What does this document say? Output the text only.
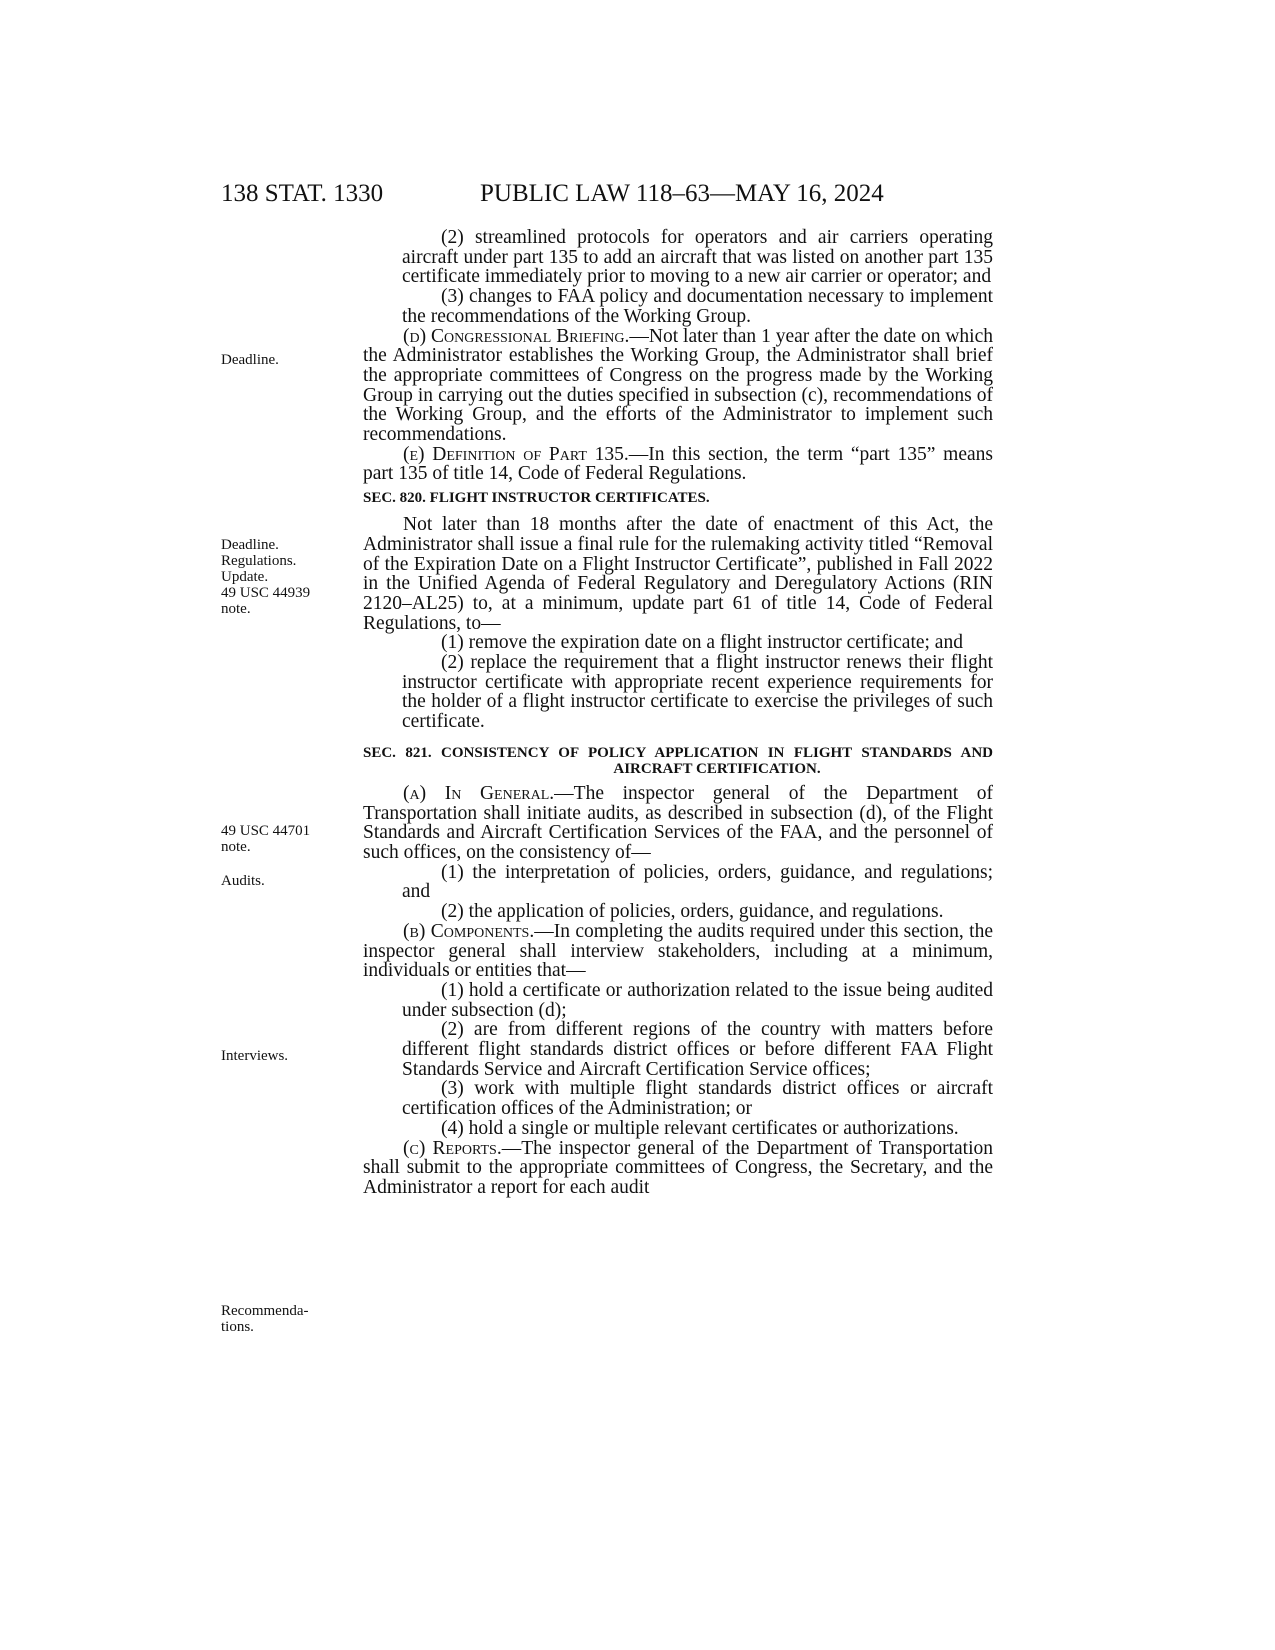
138 STAT. 1330	PUBLIC LAW 118–63—MAY 16, 2024
Deadline.
Deadline.
Regulations.
Update.
49 USC 44939
note.
49 USC 44701
note.
Audits.
Interviews.
Recommenda-
tions.

(2) streamlined protocols for operators and air carriers operating aircraft under part 135 to add an aircraft that was listed on another part 135 certificate immediately prior to moving to a new air carrier or operator; and

(3) changes to FAA policy and documentation necessary to implement the recommendations of the Working Group.

(d) Congressional Briefing.—Not later than 1 year after the date on which the Administrator establishes the Working Group, the Administrator shall brief the appropriate committees of Congress on the progress made by the Working Group in carrying out the duties specified in subsection (c), recommendations of the Working Group, and the efforts of the Administrator to implement such recommendations.

(e) Definition of Part 135.—In this section, the term “part 135” means part 135 of title 14, Code of Federal Regulations.

SEC. 820. FLIGHT INSTRUCTOR CERTIFICATES.

Not later than 18 months after the date of enactment of this Act, the Administrator shall issue a final rule for the rulemaking activity titled “Removal of the Expiration Date on a Flight Instructor Certificate”, published in Fall 2022 in the Unified Agenda of Federal Regulatory and Deregulatory Actions (RIN 2120–AL25) to, at a minimum, update part 61 of title 14, Code of Federal Regulations, to—

(1) remove the expiration date on a flight instructor certificate; and

(2) replace the requirement that a flight instructor renews their flight instructor certificate with appropriate recent experience requirements for the holder of a flight instructor certificate to exercise the privileges of such certificate.

SEC. 821. CONSISTENCY OF POLICY APPLICATION IN FLIGHT STANDARDS AND AIRCRAFT CERTIFICATION.

(a) In General.—The inspector general of the Department of Transportation shall initiate audits, as described in subsection (d), of the Flight Standards and Aircraft Certification Services of the FAA, and the personnel of such offices, on the consistency of—

(1) the interpretation of policies, orders, guidance, and regulations; and

(2) the application of policies, orders, guidance, and regulations.

(b) Components.—In completing the audits required under this section, the inspector general shall interview stakeholders, including at a minimum, individuals or entities that—

(1) hold a certificate or authorization related to the issue being audited under subsection (d);

(2) are from different regions of the country with matters before different flight standards district offices or before different FAA Flight Standards Service and Aircraft Certification Service offices;

(3) work with multiple flight standards district offices or aircraft certification offices of the Administration; or

(4) hold a single or multiple relevant certificates or authorizations.

(c) Reports.—The inspector general of the Department of Transportation shall submit to the appropriate committees of Congress, the Secretary, and the Administrator a report for each audit
